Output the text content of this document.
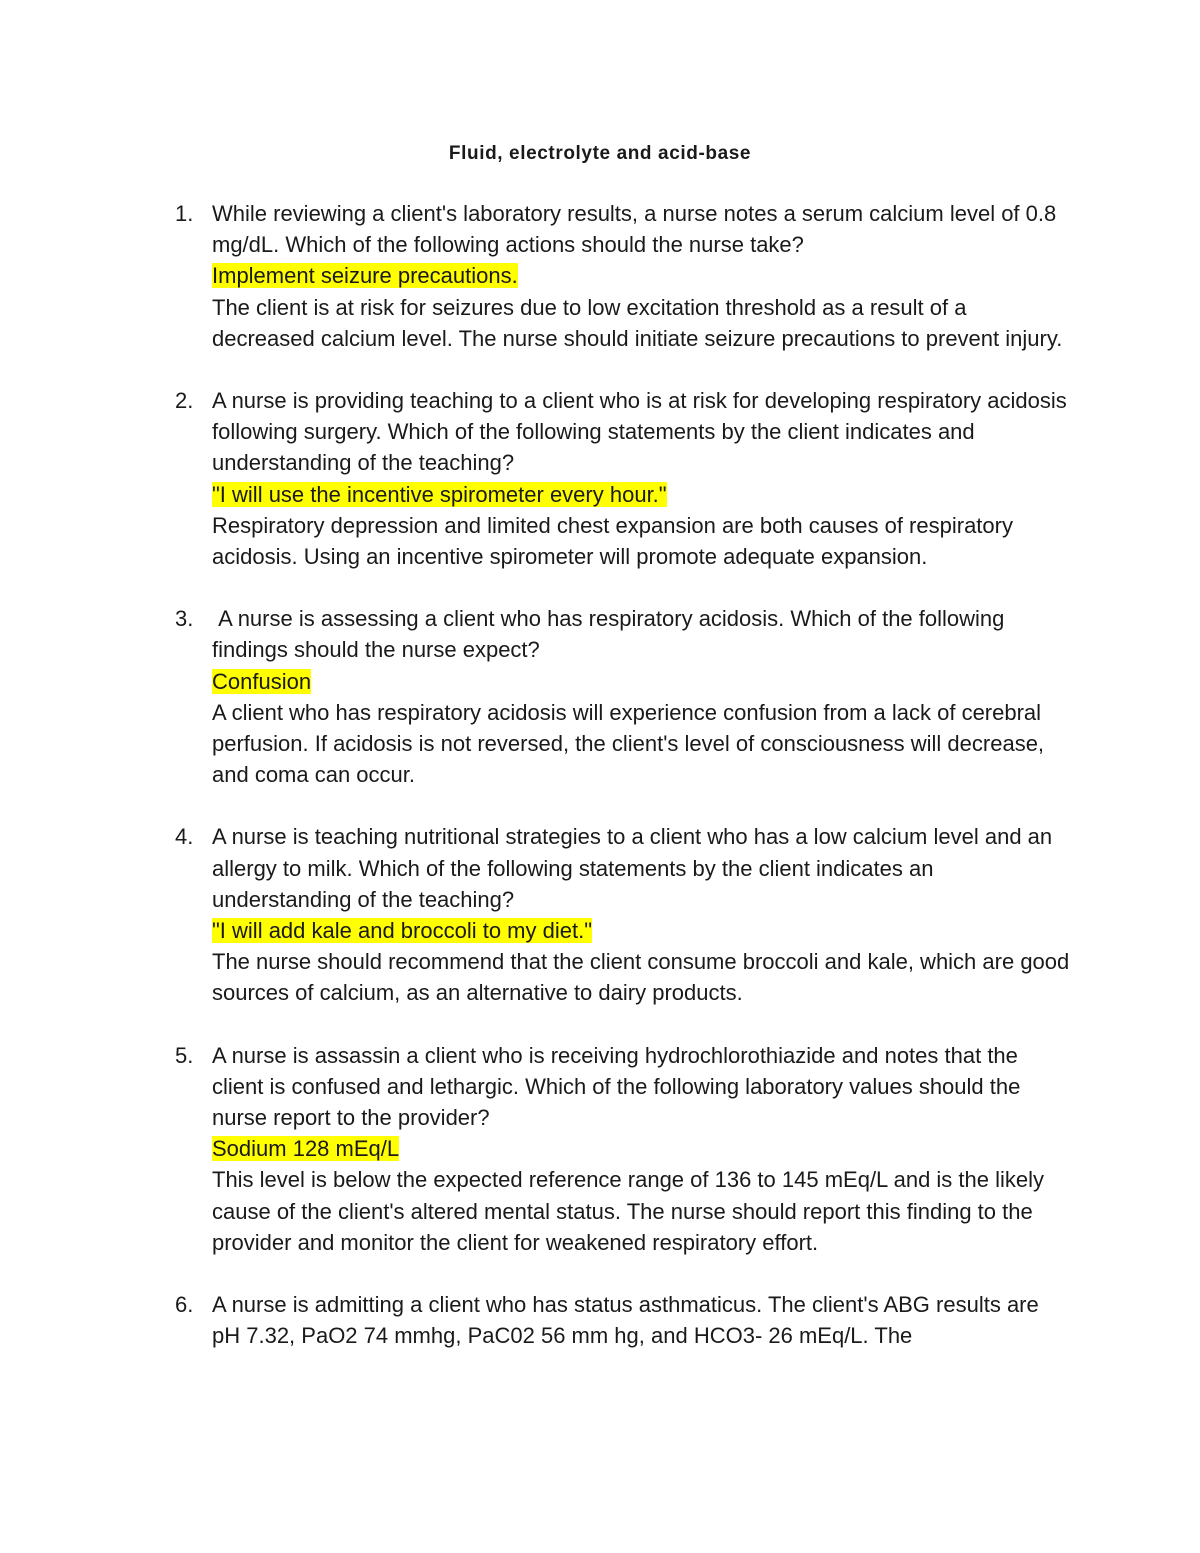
Fluid, electrolyte and acid-base
1. While reviewing a client's laboratory results, a nurse notes a serum calcium level of 0.8 mg/dL. Which of the following actions should the nurse take?

Implement seizure precautions.

The client is at risk for seizures due to low excitation threshold as a result of a decreased calcium level. The nurse should initiate seizure precautions to prevent injury.

2. A nurse is providing teaching to a client who is at risk for developing respiratory acidosis following surgery. Which of the following statements by the client indicates and understanding of the teaching?

"I will use the incentive spirometer every hour."

Respiratory depression and limited chest expansion are both causes of respiratory acidosis. Using an incentive spirometer will promote adequate expansion.

3. A nurse is assessing a client who has respiratory acidosis. Which of the following findings should the nurse expect?

Confusion

A client who has respiratory acidosis will experience confusion from a lack of cerebral perfusion. If acidosis is not reversed, the client's level of consciousness will decrease, and coma can occur.

4. A nurse is teaching nutritional strategies to a client who has a low calcium level and an allergy to milk. Which of the following statements by the client indicates an understanding of the teaching?

"I will add kale and broccoli to my diet."

The nurse should recommend that the client consume broccoli and kale, which are good sources of calcium, as an alternative to dairy products.

5. A nurse is assassin a client who is receiving hydrochlorothiazide and notes that the client is confused and lethargic. Which of the following laboratory values should the nurse report to the provider?

Sodium 128 mEq/L

This level is below the expected reference range of 136 to 145 mEq/L and is the likely cause of the client's altered mental status. The nurse should report this finding to the provider and monitor the client for weakened respiratory effort.

6. A nurse is admitting a client who has status asthmaticus. The client's ABG results are pH 7.32, PaO2 74 mmhg, PaC02 56 mm hg, and HCO3- 26 mEq/L. The
